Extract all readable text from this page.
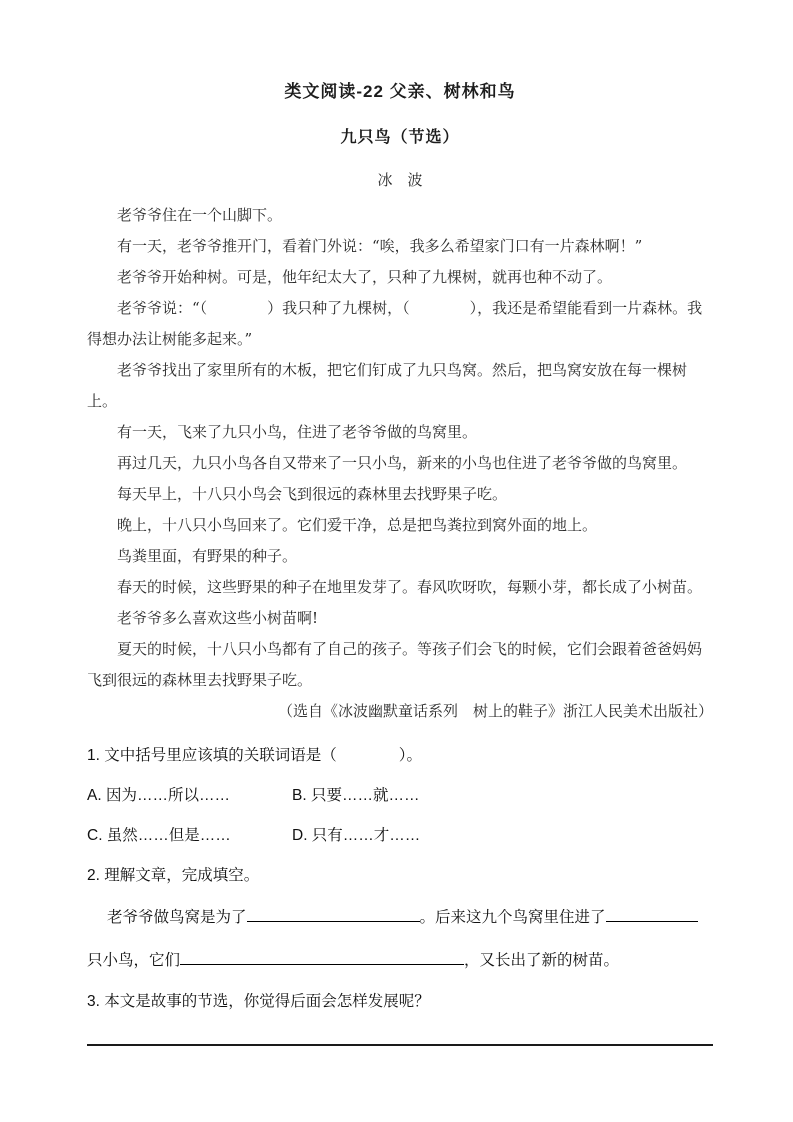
类文阅读-22 父亲、树林和鸟
九只鸟（节选）
冰　波

老爷爷住在一个山脚下。

有一天，老爷爷推开门，看着门外说：“唉，我多么希望家门口有一片森林啊！”

老爷爷开始种树。可是，他年纪太大了，只种了九棵树，就再也种不动了。

老爷爷说：“（　　　　）我只种了九棵树，（　　　　），我还是希望能看到一片森林。我得想办法让树能多起来。”

老爷爷找出了家里所有的木板，把它们钉成了九只鸟窝。然后，把鸟窝安放在每一棵树上。

有一天，飞来了九只小鸟，住进了老爷爷做的鸟窝里。

再过几天，九只小鸟各自又带来了一只小鸟，新来的小鸟也住进了老爷爷做的鸟窝里。

每天早上，十八只小鸟会飞到很远的森林里去找野果子吃。

晚上，十八只小鸟回来了。它们爱干净，总是把鸟粪拉到窝外面的地上。

鸟粪里面，有野果的种子。

春天的时候，这些野果的种子在地里发芽了。春风吹呀吹，每颗小芽，都长成了小树苗。

老爷爷多么喜欢这些小树苗啊!

夏天的时候，十八只小鸟都有了自己的孩子。等孩子们会飞的时候，它们会跟着爸爸妈妈飞到很远的森林里去找野果子吃。

（选自《冰波幽默童话系列　树上的鞋子》浙江人民美术出版社）

1. 文中括号里应该填的关联词语是（　　　　）。

A. 因为……所以……	B. 只要……就……
C. 虽然……但是……	D. 只有……才……

2. 理解文章，完成填空。

老爷爷做鸟窝是为了	。后来这九个鸟窝里住进了

只小鸟，它们	，又长出了新的树苗。

3. 本文是故事的节选，你觉得后面会怎样发展呢？
